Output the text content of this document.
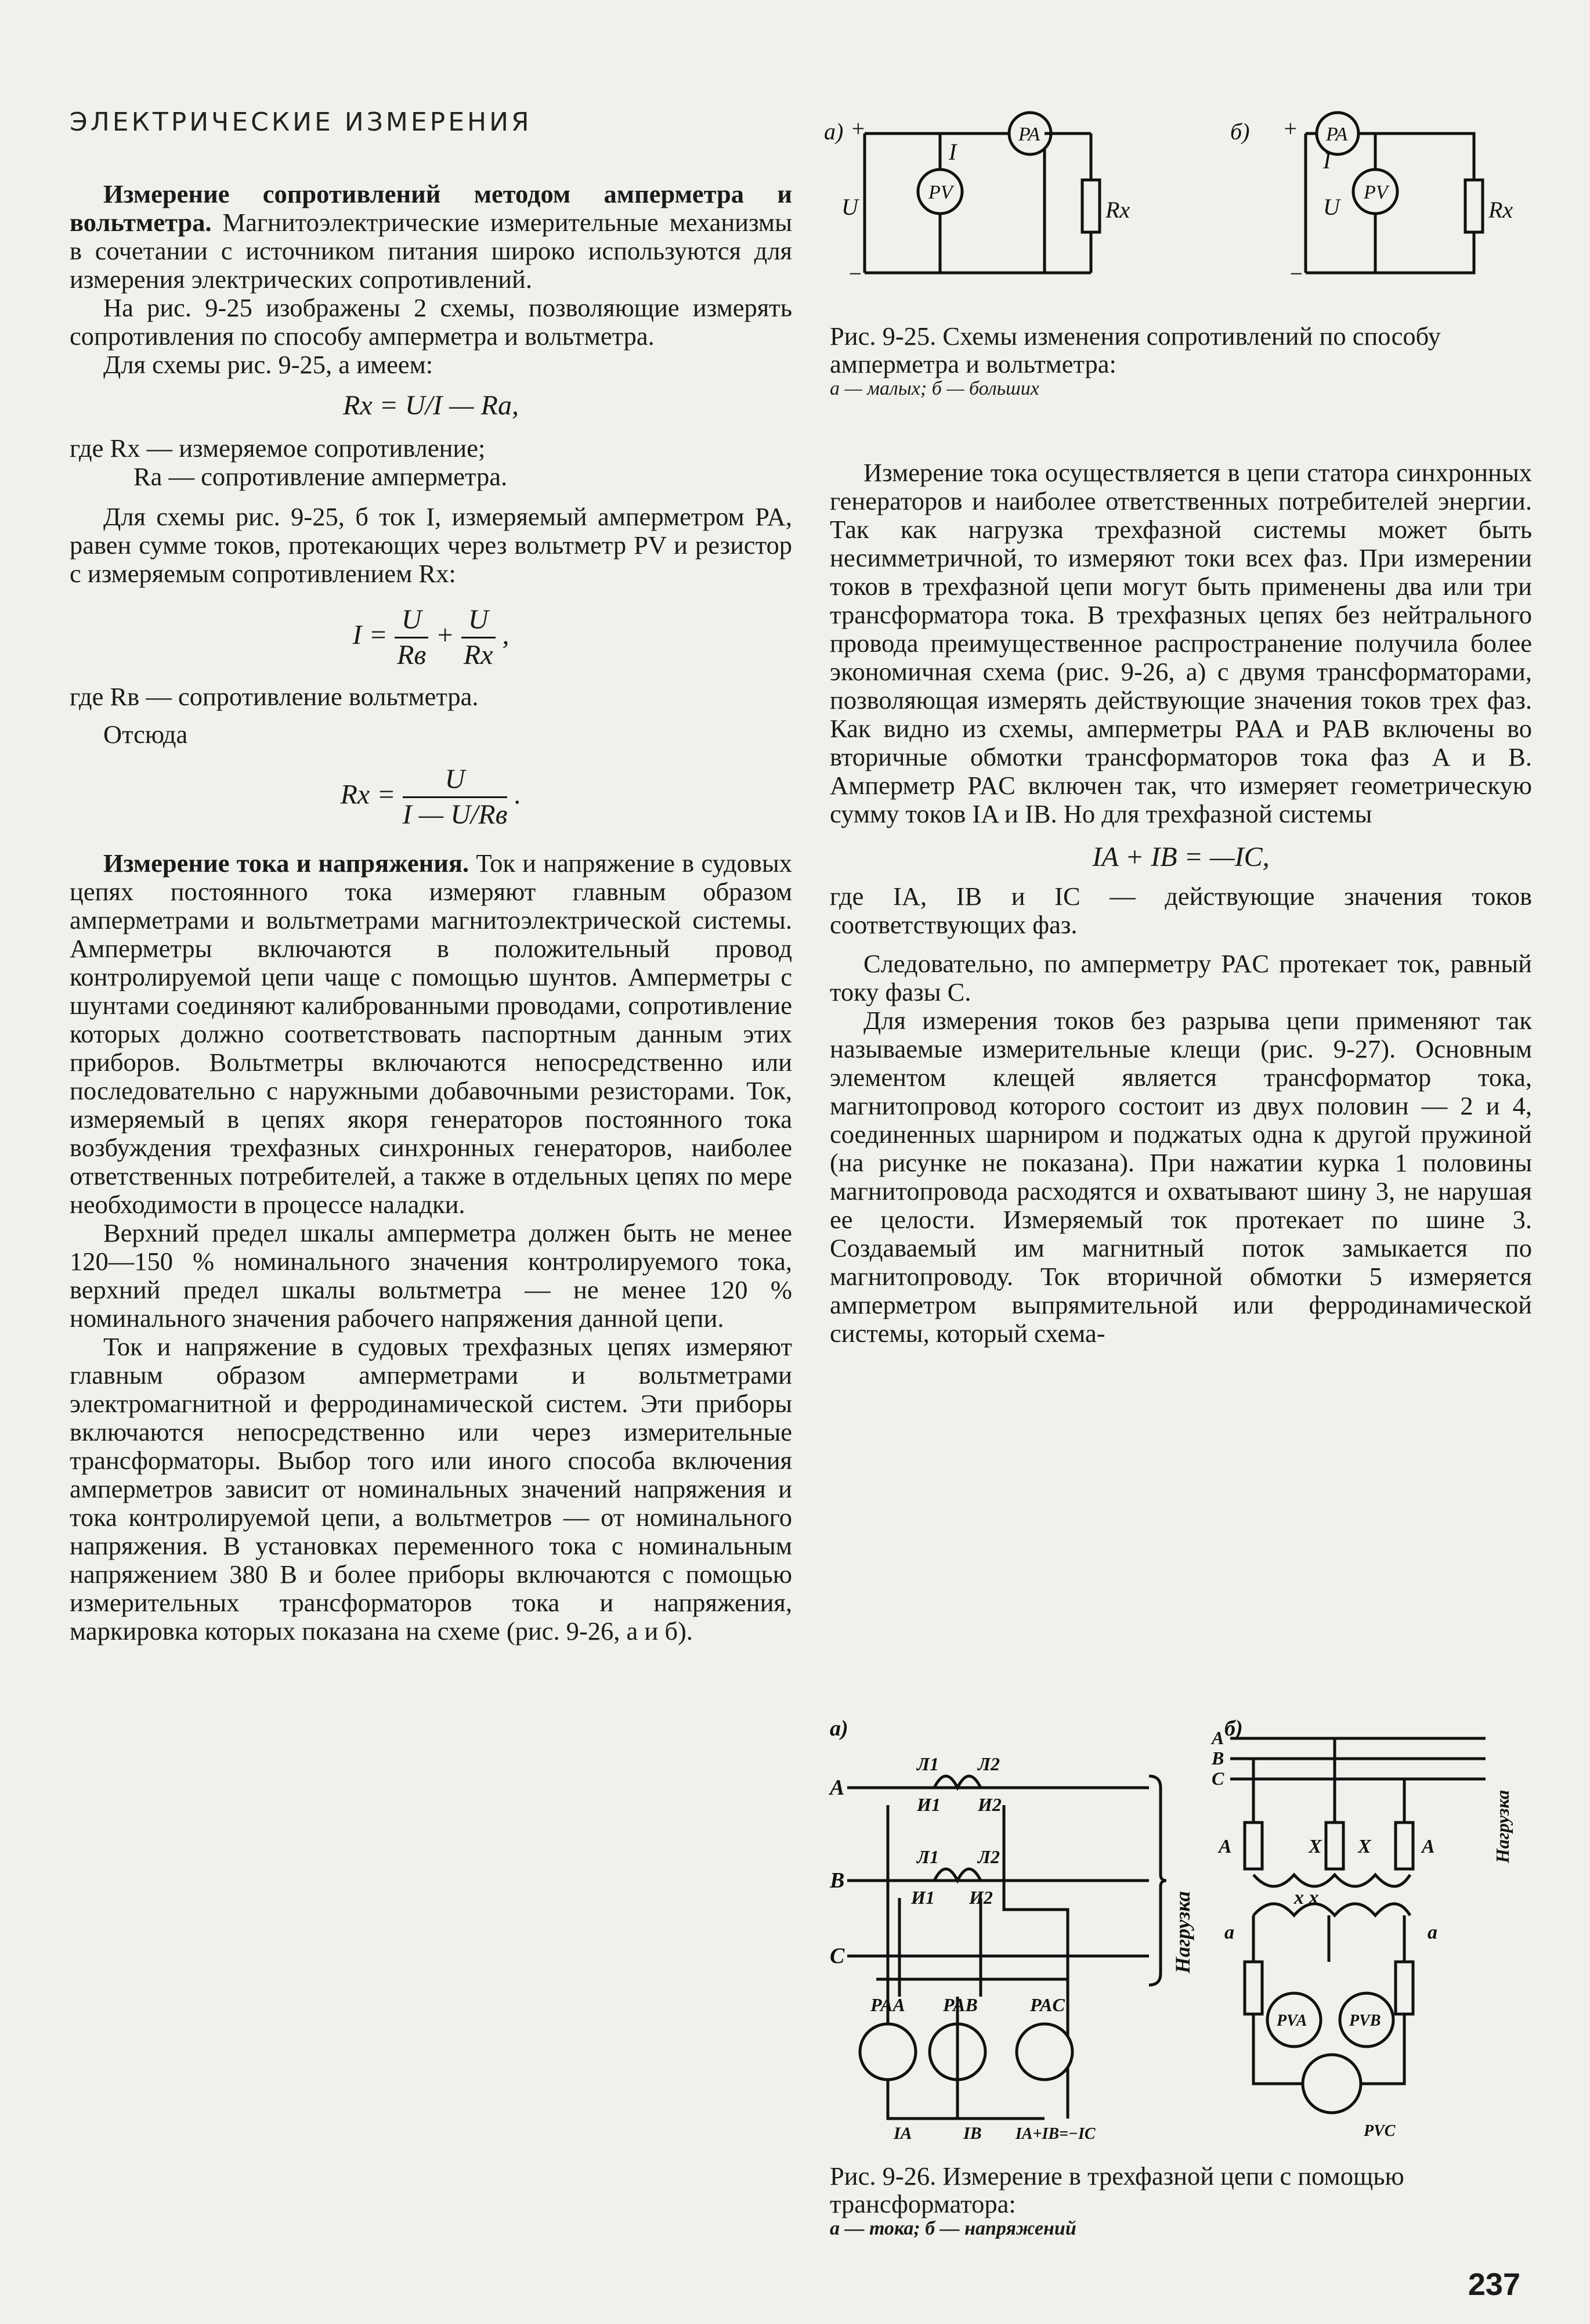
ЭЛЕКТРИЧЕСКИЕ ИЗМЕРЕНИЯ

Измерение сопротивлений методом амперметра и вольтметра. Магнитоэлектрические измерительные механизмы в сочетании с источником питания широко используются для измерения электрических сопротивлений.

На рис. 9-25 изображены 2 схемы, позволяющие измерять сопротивления по способу амперметра и вольтметра.

Для схемы рис. 9-25, а имеем:

Rx = U/I — Ra,

где Rx — измеряемое сопротивление;

Rа — сопротивление амперметра.

Для схемы рис. 9-25, б ток I, измеряемый амперметром PA, равен сумме токов, протекающих через вольтметр PV и резистор с измеряемым сопротивлением Rx:

$I = \frac{U}{Rв} + \frac{U}{Rx}$ ,

где Rв — сопротивление вольтметра.

Отсюда

$Rx = \frac{U}{I — U/Rв}$ .

Измерение тока и напряжения. Ток и напряжение в судовых цепях постоянного тока измеряют главным образом амперметрами и вольтметрами магнитоэлектрической системы. Амперметры включаются в положительный провод контролируемой цепи чаще с помощью шунтов. Амперметры с шунтами соединяют калиброванными проводами, сопротивление которых должно соответствовать паспортным данным этих приборов. Вольтметры включаются непосредственно или последовательно с наружными добавочными резисторами. Ток, измеряемый в цепях якоря генераторов постоянного тока возбуждения трехфазных синхронных генераторов, наиболее ответственных потребителей, а также в отдельных цепях по мере необходимости в процессе наладки.

Верхний предел шкалы амперметра должен быть не менее 120—150 % номинального значения контролируемого тока, верхний предел шкалы вольтметра — не менее 120 % номинального значения рабочего напряжения данной цепи.

Ток и напряжение в судовых трехфазных цепях измеряют главным образом амперметрами и вольтметрами электромагнитной и ферродинамической систем. Эти приборы включаются непосредственно или через измерительные трансформаторы. Выбор того или иного способа включения амперметров зависит от номинальных значений напряжения и тока контролируемой цепи, а вольтметров — от номинального напряжения. В установках переменного тока с номинальным напряжением 380 В и более приборы включаются с помощью измерительных трансформаторов тока и напряжения, маркировка которых показана на схеме (рис. 9-26, а и б).

а) +
−
U
PA
PV
I
Rx
б) +
−
U
PA
PV
I
Rx

Рис. 9-25. Схемы изменения сопротивлений по способу амперметра и вольтметра:

а — малых; б — больших

Измерение тока осуществляется в цепи статора синхронных генераторов и наиболее ответственных потребителей энергии. Так как нагрузка трехфазной системы может быть несимметричной, то измеряют токи всех фаз. При измерении токов в трехфазной цепи могут быть применены два или три трансформатора тока. В трехфазных цепях без нейтрального провода преимущественное распространение получила более экономичная схема (рис. 9-26, а) с двумя трансформаторами, позволяющая измерять действующие значения токов трех фаз. Как видно из схемы, амперметры PAA и PAB включены во вторичные обмотки трансформаторов тока фаз A и B. Амперметр PAC включен так, что измеряет геометрическую сумму токов IA и IB. Но для трехфазной системы

IA + IB = —IC,

где IA, IB и IC — действующие значения токов соответствующих фаз.

Следовательно, по амперметру PAC протекает ток, равный току фазы C.

Для измерения токов без разрыва цепи применяют так называемые измерительные клещи (рис. 9-27). Основным элементом клещей является трансформатор тока, магнитопровод которого состоит из двух половин — 2 и 4, соединенных шарниром и поджатых одна к другой пружиной (на рисунке не показана). При нажатии курка 1 половины магнитопровода расходятся и охватывают шину 3, не нарушая ее целости. Измеряемый ток протекает по шине 3. Создаваемый им магнитный поток замыкается по магнитопроводу. Ток вторичной обмотки 5 измеряется амперметром выпрямительной или ферродинамической системы, который схема-

а)
А
В
С
Л1 Л2
И1 И2
Л1 Л2
И1 И2
PAA PAB	PAC
IA	IB IA+IB=−IC
Нагрузка
б)
А
В
С
А	X X	А
x x
a	a
PVA	PVB
PVC
Нагрузка

Рис. 9-26. Измерение в трехфазной цепи с помощью трансформатора:

а — тока; б — напряжений

237
